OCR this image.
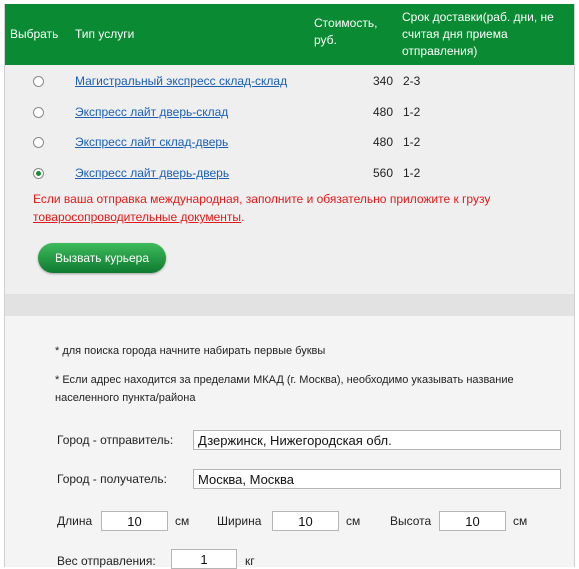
Выбрать Тип услуги
Стоимость, руб.
Срок доставки(раб. дни, не считая дня приема отправления)
Магистральный экспресс склад-склад	340 2-3
Экспресс лайт дверь-склад	480 1-2
Экспресс лайт склад-дверь	480 1-2
Экспресс лайт дверь-дверь	560 1-2
Если ваша отправка международная, заполните и обязательно приложите к грузу товаросопроводительные документы.
Вызвать курьера
* для поиска города начните набирать первые буквы
* Если адрес находится за пределами МКАД (г. Москва), необходимо указывать название населенного пункта/района
Город - отправитель:
Дзержинск, Нижегородская обл.
Город - получатель:
Москва, Москва
Длина
10	см Ширина
10	см Высота
10	см
Вес отправления:
1	кг
